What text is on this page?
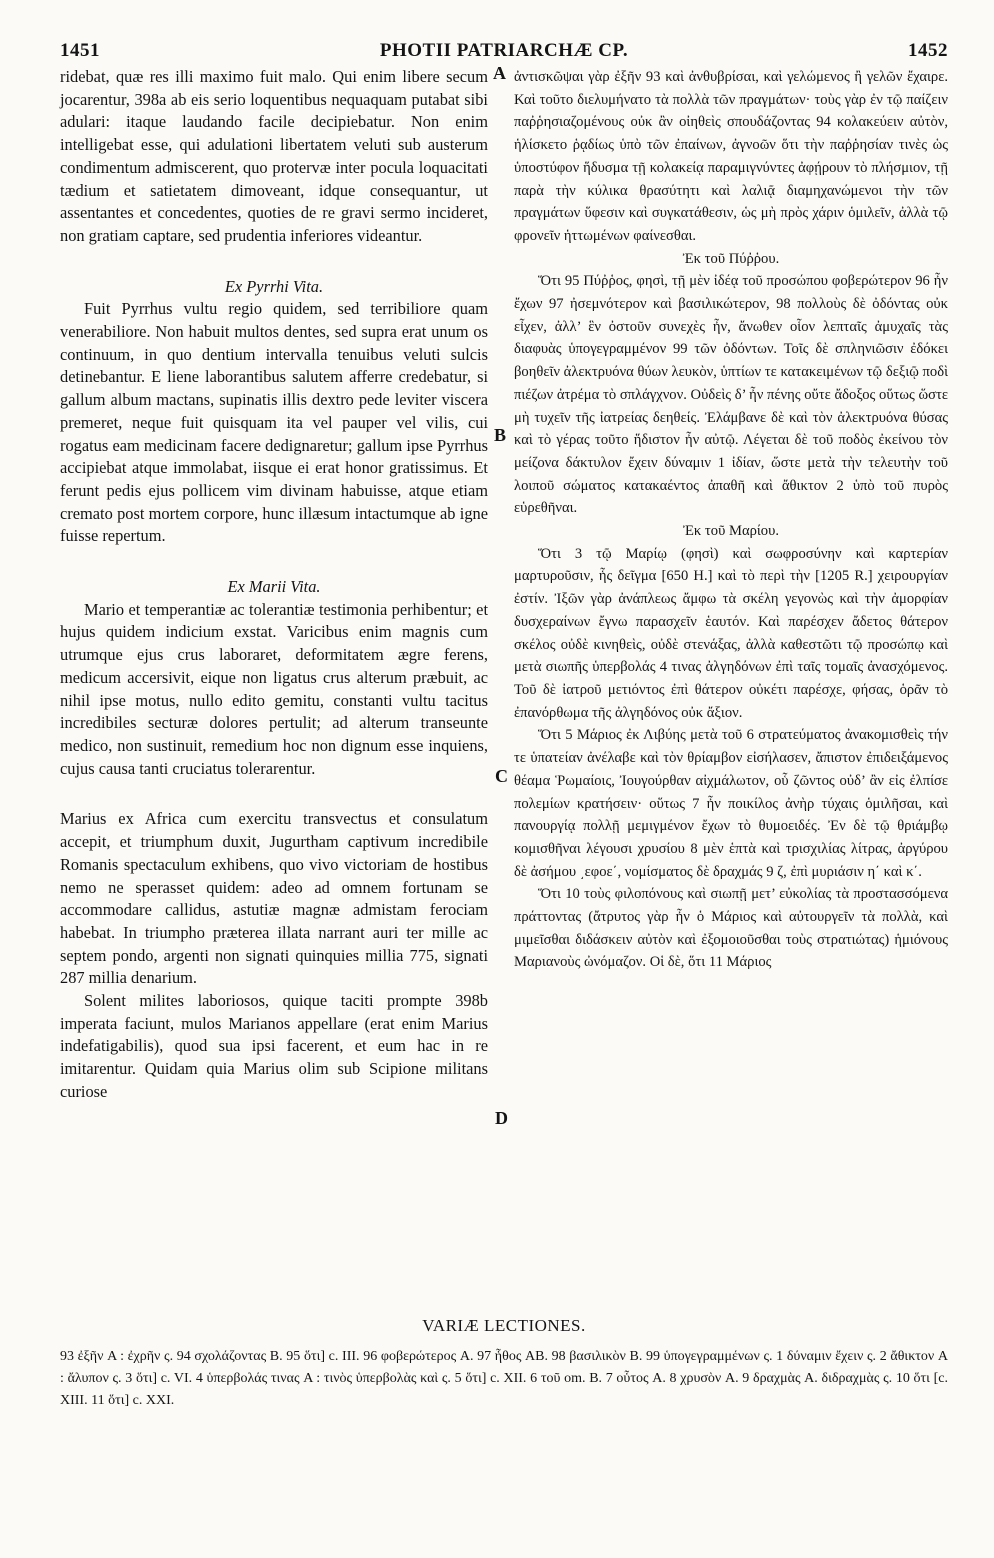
1451	PHOTII PATRIARCHÆ CP.	1452

ridebat, quæ res illi maximo fuit malo. Qui enim libere secum jocarentur, 398a ab eis serio loquentibus nequaquam putabat sibi adulari: itaque laudando facile decipiebatur. Non enim intelligebat esse, qui adulationi libertatem veluti sub austerum condimentum admiscerent, quo protervæ inter pocula loquacitati tædium et satietatem dimoveant, idque consequantur, ut assentantes et concedentes, quoties de re gravi sermo incideret, non gratiam captare, sed prudentia inferiores videantur.

Ex Pyrrhi Vita.

Fuit Pyrrhus vultu regio quidem, sed terribiliore quam venerabiliore. Non habuit multos dentes, sed supra erat unum os continuum, in quo dentium intervalla tenuibus veluti sulcis detinebantur. E liene laborantibus salutem afferre credebatur, si gallum album mactans, supinatis illis dextro pede leviter viscera premeret, neque fuit quisquam ita vel pauper vel vilis, cui rogatus eam medicinam facere dedignaretur; gallum ipse Pyrrhus accipiebat atque immolabat, iisque ei erat honor gratissimus. Et ferunt pedis ejus pollicem vim divinam habuisse, atque etiam cremato post mortem corpore, hunc illæsum intactumque ab igne fuisse repertum.

Ex Marii Vita.

Mario et temperantiæ ac tolerantiæ testimonia perhibentur; et hujus quidem indicium exstat. Varicibus enim magnis cum utrumque ejus crus laboraret, deformitatem ægre ferens, medicum accersivit, eique non ligatus crus alterum præbuit, ac nihil ipse motus, nullo edito gemitu, constanti vultu tacitus incredibiles secturæ dolores pertulit; ad alterum transeunte medico, non sustinuit, remedium hoc non dignum esse inquiens, cujus causa tanti cruciatus tolerarentur.

Marius ex Africa cum exercitu transvectus et consulatum accepit, et triumphum duxit, Jugurtham captivum incredibile Romanis spectaculum exhibens, quo vivo victoriam de hostibus nemo ne sperasset quidem: adeo ad omnem fortunam se accommodare callidus, astutiæ magnæ admistam ferociam habebat. In triumpho præterea illata narrant auri ter mille ac septem pondo, argenti non signati quinquies millia 775, signati 287 millia denarium.

Solent milites laboriosos, quique taciti prompte 398b imperata faciunt, mulos Marianos appellare (erat enim Marius indefatigabilis), quod sua ipsi facerent, et eum hac in re imitarentur. Quidam quia Marius olim sub Scipione militans curiose

A
B
C
D

ἀντισκῶψαι γὰρ ἐξῆν 93 καὶ ἀνθυβρίσαι, καὶ γελώμενος ἢ γελῶν ἔχαιρε. Καὶ τοῦτο διελυμήνατο τὰ πολλὰ τῶν πραγμάτων· τοὺς γὰρ ἐν τῷ παίζειν παῤῥησιαζομένους οὐκ ἂν οἰηθεὶς σπουδάζοντας 94 κολακεύειν αὐτὸν, ἡλίσκετο ῥᾳδίως ὑπὸ τῶν ἐπαίνων, ἀγνοῶν ὅτι τὴν παῤῥησίαν τινὲς ὡς ὑποστύφον ἥδυσμα τῇ κολακείᾳ παραμιγνύντες ἀφῄρουν τὸ πλήσμιον, τῇ παρὰ τὴν κύλικα θρασύτητι καὶ λαλιᾷ διαμηχανώμενοι τὴν τῶν πραγμάτων ὕφεσιν καὶ συγκατάθεσιν, ὡς μὴ πρὸς χάριν ὁμιλεῖν, ἀλλὰ τῷ φρονεῖν ἡττωμένων φαίνεσθαι.

Ἐκ τοῦ Πύῤῥου.

Ὅτι 95 Πύῤῥος, φησὶ, τῇ μὲν ἰδέᾳ τοῦ προσώπου φοβερώτερον 96 ἦν ἔχων 97 ἠσεμνότερον καὶ βασιλικώτερον, 98 πολλοὺς δὲ ὀδόντας οὐκ εἶχεν, ἀλλ’ ἓν ὀστοῦν συνεχὲς ἦν, ἄνωθεν οἷον λεπταῖς ἀμυχαῖς τὰς διαφυὰς ὑπογεγραμμένον 99 τῶν ὀδόντων. Τοῖς δὲ σπληνιῶσιν ἐδόκει βοηθεῖν ἀλεκτρυόνα θύων λευκὸν, ὑπτίων τε κατακειμένων τῷ δεξιῷ ποδὶ πιέζων ἀτρέμα τὸ σπλάγχνον. Οὐδεὶς δ’ ἦν πένης οὔτε ἄδοξος οὕτως ὥστε μὴ τυχεῖν τῆς ἰατρείας δεηθείς. Ἐλάμβανε δὲ καὶ τὸν ἀλεκτρυόνα θύσας καὶ τὸ γέρας τοῦτο ἥδιστον ἦν αὐτῷ. Λέγεται δὲ τοῦ ποδὸς ἐκείνου τὸν μείζονα δάκτυλον ἔχειν δύναμιν 1 ἰδίαν, ὥστε μετὰ τὴν τελευτὴν τοῦ λοιποῦ σώματος κατακαέντος ἀπαθῆ καὶ ἄθικτον 2 ὑπὸ τοῦ πυρὸς εὑρεθῆναι.

Ἐκ τοῦ Μαρίου.

Ὅτι 3 τῷ Μαρίῳ (φησὶ) καὶ σωφροσύνην καὶ καρτερίαν μαρτυροῦσιν, ἧς δεῖγμα [650 H.] καὶ τὸ περὶ τὴν [1205 R.] χειρουργίαν ἐστίν. Ἰξῶν γὰρ ἀνάπλεως ἄμφω τὰ σκέλη γεγονὼς καὶ τὴν ἀμορφίαν δυσχεραίνων ἔγνω παρασχεῖν ἑαυτόν. Καὶ παρέσχεν ἄδετος θάτερον σκέλος οὐδὲ κινηθεὶς, οὐδὲ στενάξας, ἀλλὰ καθεστῶτι τῷ προσώπῳ καὶ μετὰ σιωπῆς ὑπερβολάς 4 τινας ἀλγηδόνων ἐπὶ ταῖς τομαῖς ἀνασχόμενος. Τοῦ δὲ ἰατροῦ μετιόντος ἐπὶ θάτερον οὐκέτι παρέσχε, φήσας, ὁρᾶν τὸ ἐπανόρθωμα τῆς ἀλγηδόνος οὐκ ἄξιον.

Ὅτι 5 Μάριος ἐκ Λιβύης μετὰ τοῦ 6 στρατεύματος ἀνακομισθεὶς τήν τε ὑπατείαν ἀνέλαβε καὶ τὸν θρίαμβον εἰσήλασεν, ἄπιστον ἐπιδειξάμενος θέαμα Ῥωμαίοις, Ἰουγούρθαν αἰχμάλωτον, οὗ ζῶντος οὐδ’ ἂν εἰς ἐλπίσε πολεμίων κρατήσειν· οὕτως 7 ἦν ποικίλος ἀνὴρ τύχαις ὁμιλῆσαι, καὶ πανουργίᾳ πολλῇ μεμιγμένον ἔχων τὸ θυμοειδές. Ἐν δὲ τῷ θριάμβῳ κομισθῆναι λέγουσι χρυσίου 8 μὲν ἑπτὰ καὶ τρισχιλίας λίτρας, ἀργύρου δὲ ἀσήμου ͵εφοε΄, νομίσματος δὲ δραχμάς 9 ζ, ἐπὶ μυριάσιν η΄ καὶ κ΄.

Ὅτι 10 τοὺς φιλοπόνους καὶ σιωπῇ μετ’ εὐκολίας τὰ προστασσόμενα πράττοντας (ἄτρυτος γὰρ ἦν ὁ Μάριος καὶ αὐτουργεῖν τὰ πολλὰ, καὶ μιμεῖσθαι διδάσκειν αὐτὸν καὶ ἐξομοιοῦσθαι τοὺς στρατιώτας) ἡμιόνους Μαριανοὺς ὠνόμαζον. Οἱ δὲ, ὅτι 11 Μάριος

VARIÆ LECTIONES.
93 ἐξῆν A : ἐχρῆν ς. 94 σχολάζοντας B. 95 ὅτι] c. III. 96 φοβερώτερος A. 97 ἦθος AB. 98 βασιλικὸν B. 99 ὑπογεγραμμένων ς. 1 δύναμιν ἔχειν ς. 2 ἄθικτον A : ἄλυπον ς. 3 ὅτι] c. VI. 4 ὑπερβολάς τινας A : τινὸς ὑπερβολὰς καὶ ς. 5 ὅτι] c. XII. 6 τοῦ om. B. 7 οὗτος A. 8 χρυσὸν A. 9 δραχμὰς A. διδραχμὰς ς. 10 ὅτι [c. XIII. 11 ὅτι] c. XXI.
